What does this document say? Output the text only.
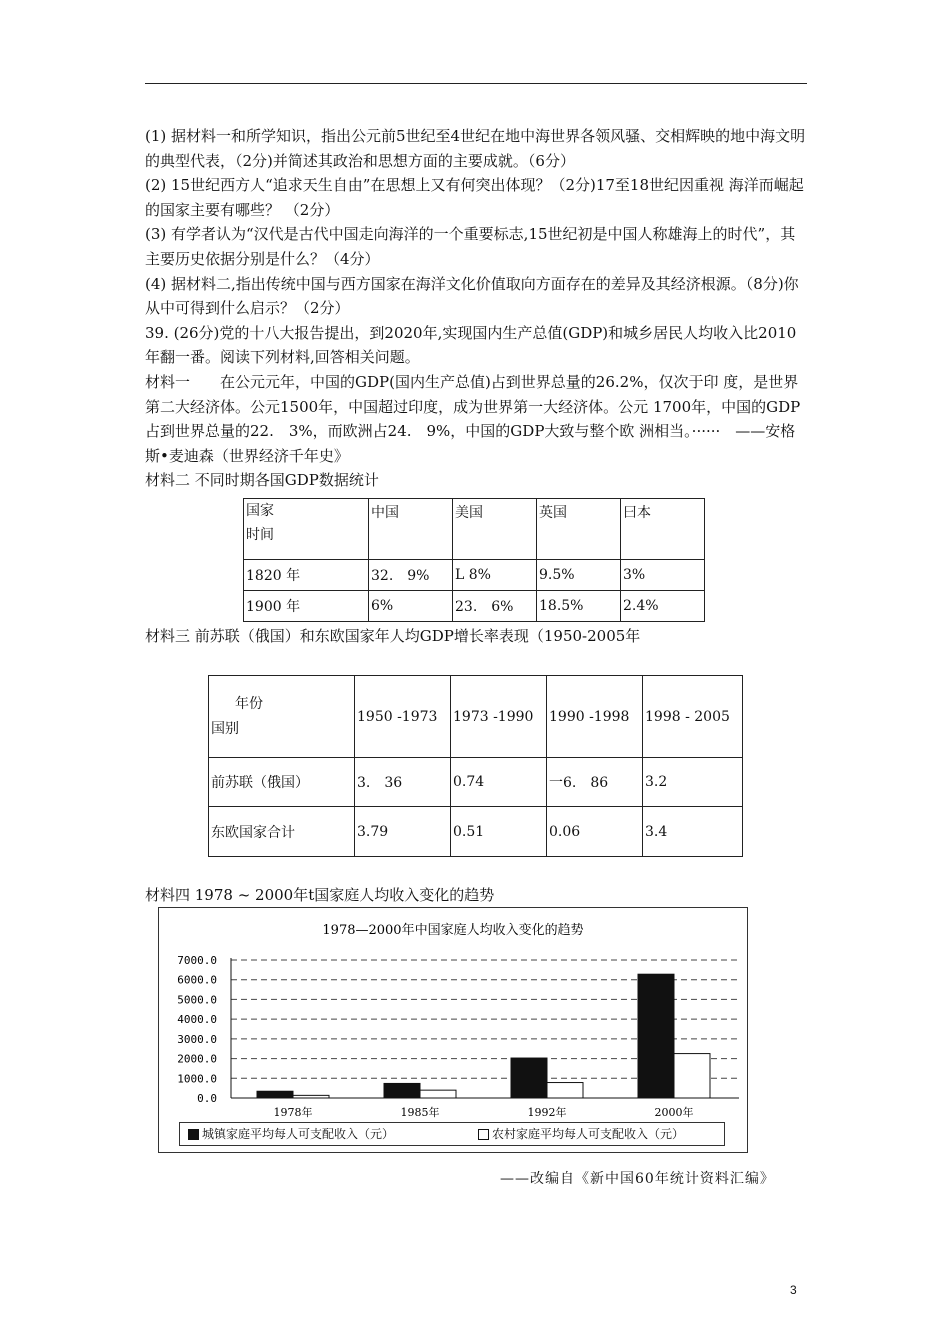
(1) 据材料一和所学知识，指出公元前5世纪至4世纪在地中海世界各领风骚、交相辉映的地中海文明的典型代表，（2分)并简述其政治和思想方面的主要成就。（6分）

(2) 15世纪西方人“追求天生自由”在思想上又有何突出体现？（2分)17至18世纪因重视 海洋而崛起的国家主要有哪些？ （2分）

(3) 有学者认为“汉代是古代中国走向海洋的一个重要标志,15世纪初是中国人称雄海上的时代”，其主要历史依据分别是什么？（4分）

(4) 据材料二,指出传统中国与西方国家在海洋文化价值取向方面存在的差异及其经济根源。（8分)你从中可得到什么启示？（2分）

39. (26分)党的十八大报告提出，到2020年,实现国内生产总值(GDP)和城乡居民人均收入比2010年翻一番。阅读下列材料,回答相关问题。

材料一　　在公元元年，中国的GDP(国内生产总值)占到世界总量的26.2%，仅次于印 度，是世界第二大经济体。公元1500年，中国超过印度，成为世界第一大经济体。公元 1700年，中国的GDP占到世界总量的22.　3%，而欧洲占24.　9%，中国的GDP大致与整个欧 洲相当。······　——安格斯•麦迪森（世界经济千年史》

材料二 不同时期各国GDP数据统计

国家
时间	中国	美国	英国	曰本
1820 年	32.　9%	L 8%	9.5%	3%
1900 年	6%	23.　6%	18.5%	2.4%
材料三 前苏联（俄国）和东欧国家年人均GDP增长率表现（1950-2005年
年份
国别	1950 -1973	1973 -1990	1990 -1998	1998 - 2005
前苏联（俄国）	3.　36	0.74	一6.　86	3.2
东欧国家合计	3.79	0.51	0.06	3.4
材料四 1978 ~ 2000年t国家庭人均收入变化的趋势
1978—2000年中国家庭人均收入变化的趋势
0.0
1000.0
2000.0
3000.0
4000.0
5000.0
6000.0
7000.0
1978年	1985年	1992年	2000年
城镇家庭平均每人可支配收入（元）	农村家庭平均每人可支配收入（元）
——改编自《新中国60年统计资料汇编》
3
